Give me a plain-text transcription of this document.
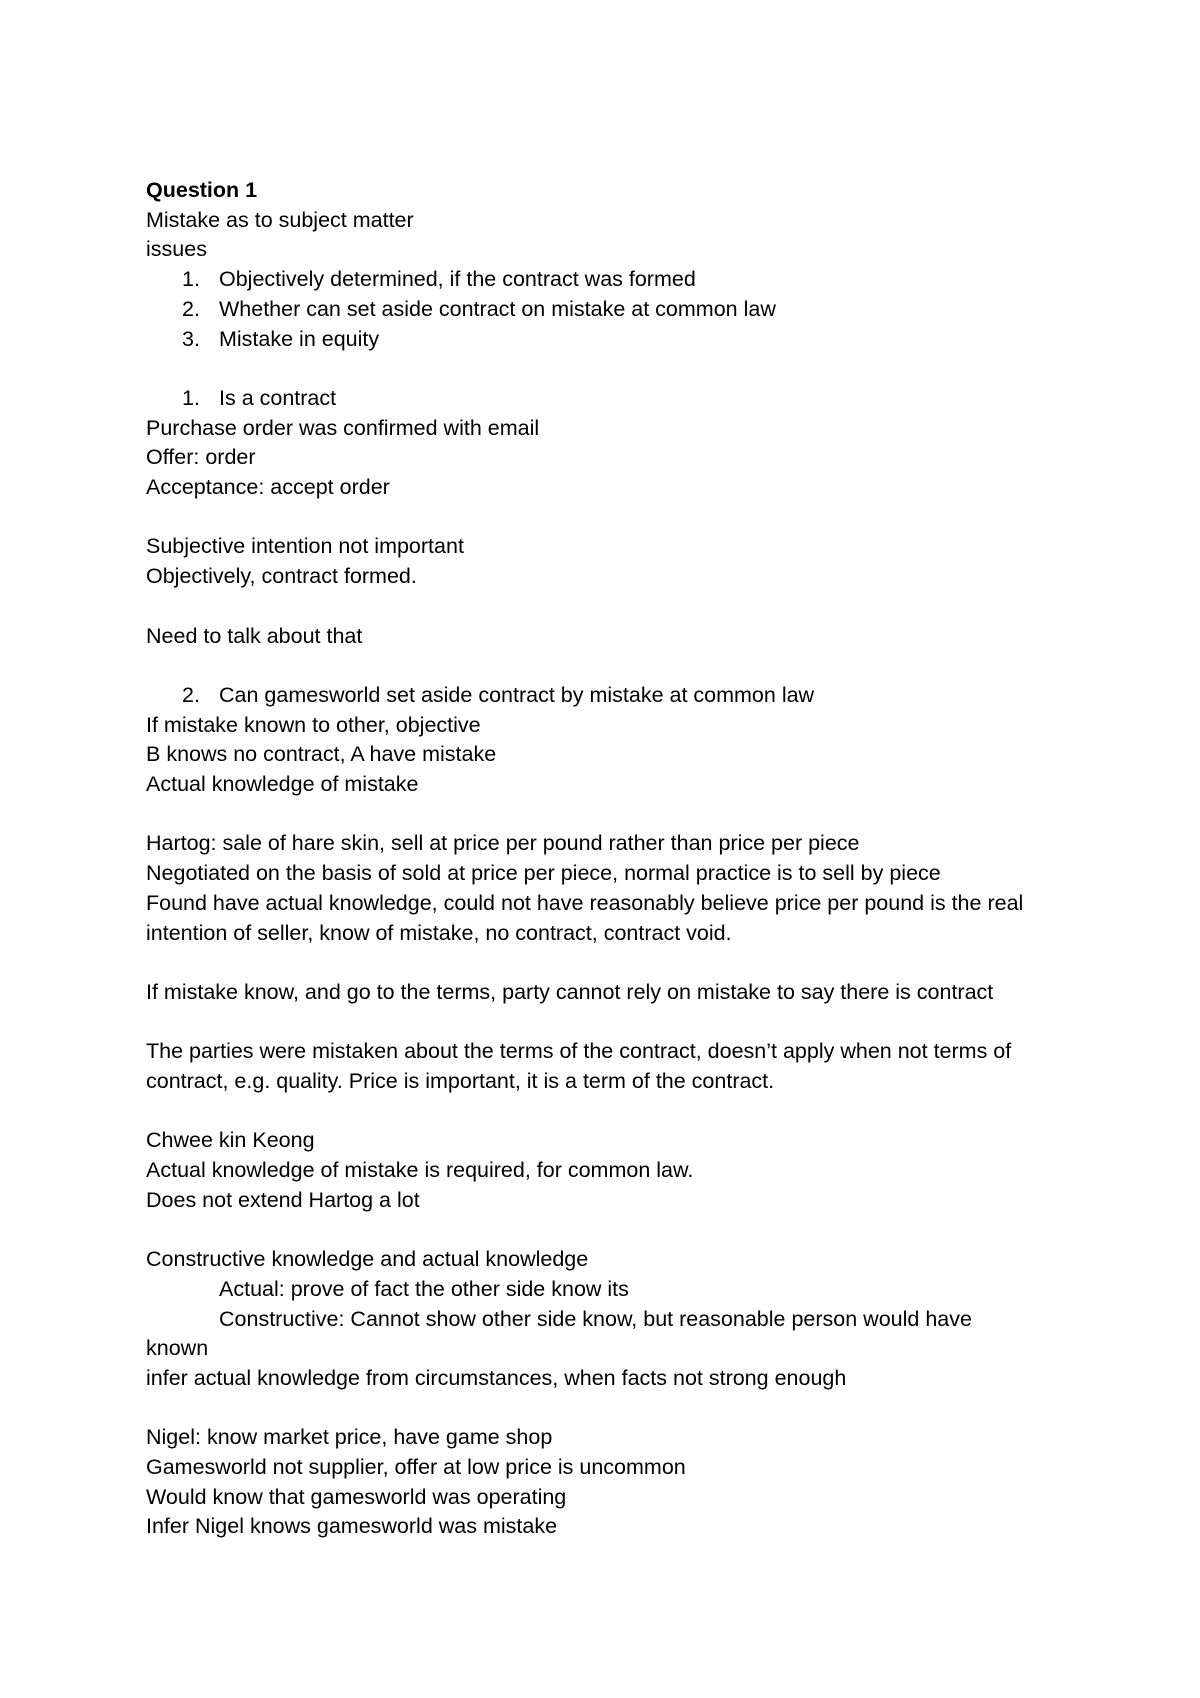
Question 1
Mistake as to subject matter
issues
1. Objectively determined, if the contract was formed
2. Whether can set aside contract on mistake at common law
3. Mistake in equity
1. Is a contract
Purchase order was confirmed with email
Offer: order
Acceptance: accept order
Subjective intention not important
Objectively, contract formed.
Need to talk about that
2. Can gamesworld set aside contract by mistake at common law
If mistake known to other, objective
B knows no contract, A have mistake
Actual knowledge of mistake
Hartog: sale of hare skin, sell at price per pound rather than price per piece
Negotiated on the basis of sold at price per piece, normal practice is to sell by piece
Found have actual knowledge, could not have reasonably believe price per pound is the real
intention of seller, know of mistake, no contract, contract void.
If mistake know, and go to the terms, party cannot rely on mistake to say there is contract
The parties were mistaken about the terms of the contract, doesn’t apply when not terms of
contract, e.g. quality. Price is important, it is a term of the contract.
Chwee kin Keong
Actual knowledge of mistake is required, for common law.
Does not extend Hartog a lot
Constructive knowledge and actual knowledge
Actual: prove of fact the other side know its
Constructive: Cannot show other side know, but reasonable person would have
known
infer actual knowledge from circumstances, when facts not strong enough
Nigel: know market price, have game shop
Gamesworld not supplier, offer at low price is uncommon
Would know that gamesworld was operating
Infer Nigel knows gamesworld was mistake
